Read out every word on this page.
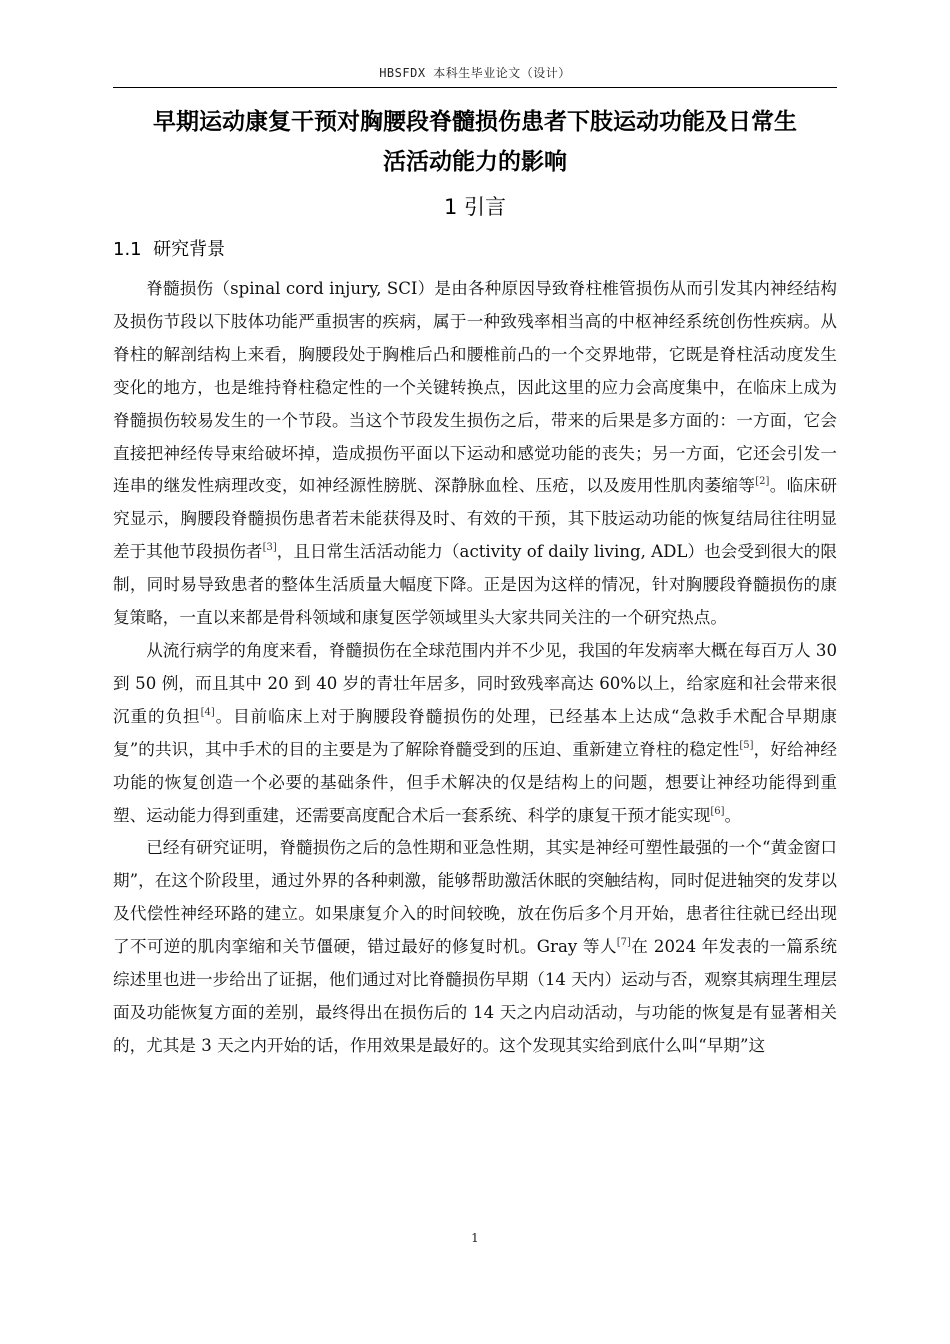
HBSFDX 本科生毕业论文（设计）
早期运动康复干预对胸腰段脊髓损伤患者下肢运动功能及日常生
活活动能力的影响
1 引言
1.1 研究背景

脊髓损伤（spinal cord injury, SCI）是由各种原因导致脊柱椎管损伤从而引发其内神经结构及损伤节段以下肢体功能严重损害的疾病，属于一种致残率相当高的中枢神经系统创伤性疾病。从脊柱的解剖结构上来看，胸腰段处于胸椎后凸和腰椎前凸的一个交界地带，它既是脊柱活动度发生变化的地方，也是维持脊柱稳定性的一个关键转换点，因此这里的应力会高度集中，在临床上成为脊髓损伤较易发生的一个节段。当这个节段发生损伤之后，带来的后果是多方面的：一方面，它会直接把神经传导束给破坏掉，造成损伤平面以下运动和感觉功能的丧失；另一方面，它还会引发一连串的继发性病理改变，如神经源性膀胱、深静脉血栓、压疮，以及废用性肌肉萎缩等[2]。临床研究显示，胸腰段脊髓损伤患者若未能获得及时、有效的干预，其下肢运动功能的恢复结局往往明显差于其他节段损伤者[3]，且日常生活活动能力（activity of daily living, ADL）也会受到很大的限制，同时易导致患者的整体生活质量大幅度下降。正是因为这样的情况，针对胸腰段脊髓损伤的康复策略，一直以来都是骨科领域和康复医学领域里头大家共同关注的一个研究热点。

从流行病学的角度来看，脊髓损伤在全球范围内并不少见，我国的年发病率大概在每百万人 30 到 50 例，而且其中 20 到 40 岁的青壮年居多，同时致残率高达 60%以上，给家庭和社会带来很沉重的负担[4]。目前临床上对于胸腰段脊髓损伤的处理，已经基本上达成“急救手术配合早期康复”的共识，其中手术的目的主要是为了解除脊髓受到的压迫、重新建立脊柱的稳定性[5]，好给神经功能的恢复创造一个必要的基础条件，但手术解决的仅是结构上的问题，想要让神经功能得到重塑、运动能力得到重建，还需要高度配合术后一套系统、科学的康复干预才能实现[6]。

已经有研究证明，脊髓损伤之后的急性期和亚急性期，其实是神经可塑性最强的一个“黄金窗口期”，在这个阶段里，通过外界的各种刺激，能够帮助激活休眠的突触结构，同时促进轴突的发芽以及代偿性神经环路的建立。如果康复介入的时间较晚，放在伤后多个月开始，患者往往就已经出现了不可逆的肌肉挛缩和关节僵硬，错过最好的修复时机。Gray 等人[7]在 2024 年发表的一篇系统综述里也进一步给出了证据，他们通过对比脊髓损伤早期（14 天内）运动与否，观察其病理生理层面及功能恢复方面的差别，最终得出在损伤后的 14 天之内启动活动，与功能的恢复是有显著相关的，尤其是 3 天之内开始的话，作用效果是最好的。这个发现其实给到底什么叫“早期”这

1
